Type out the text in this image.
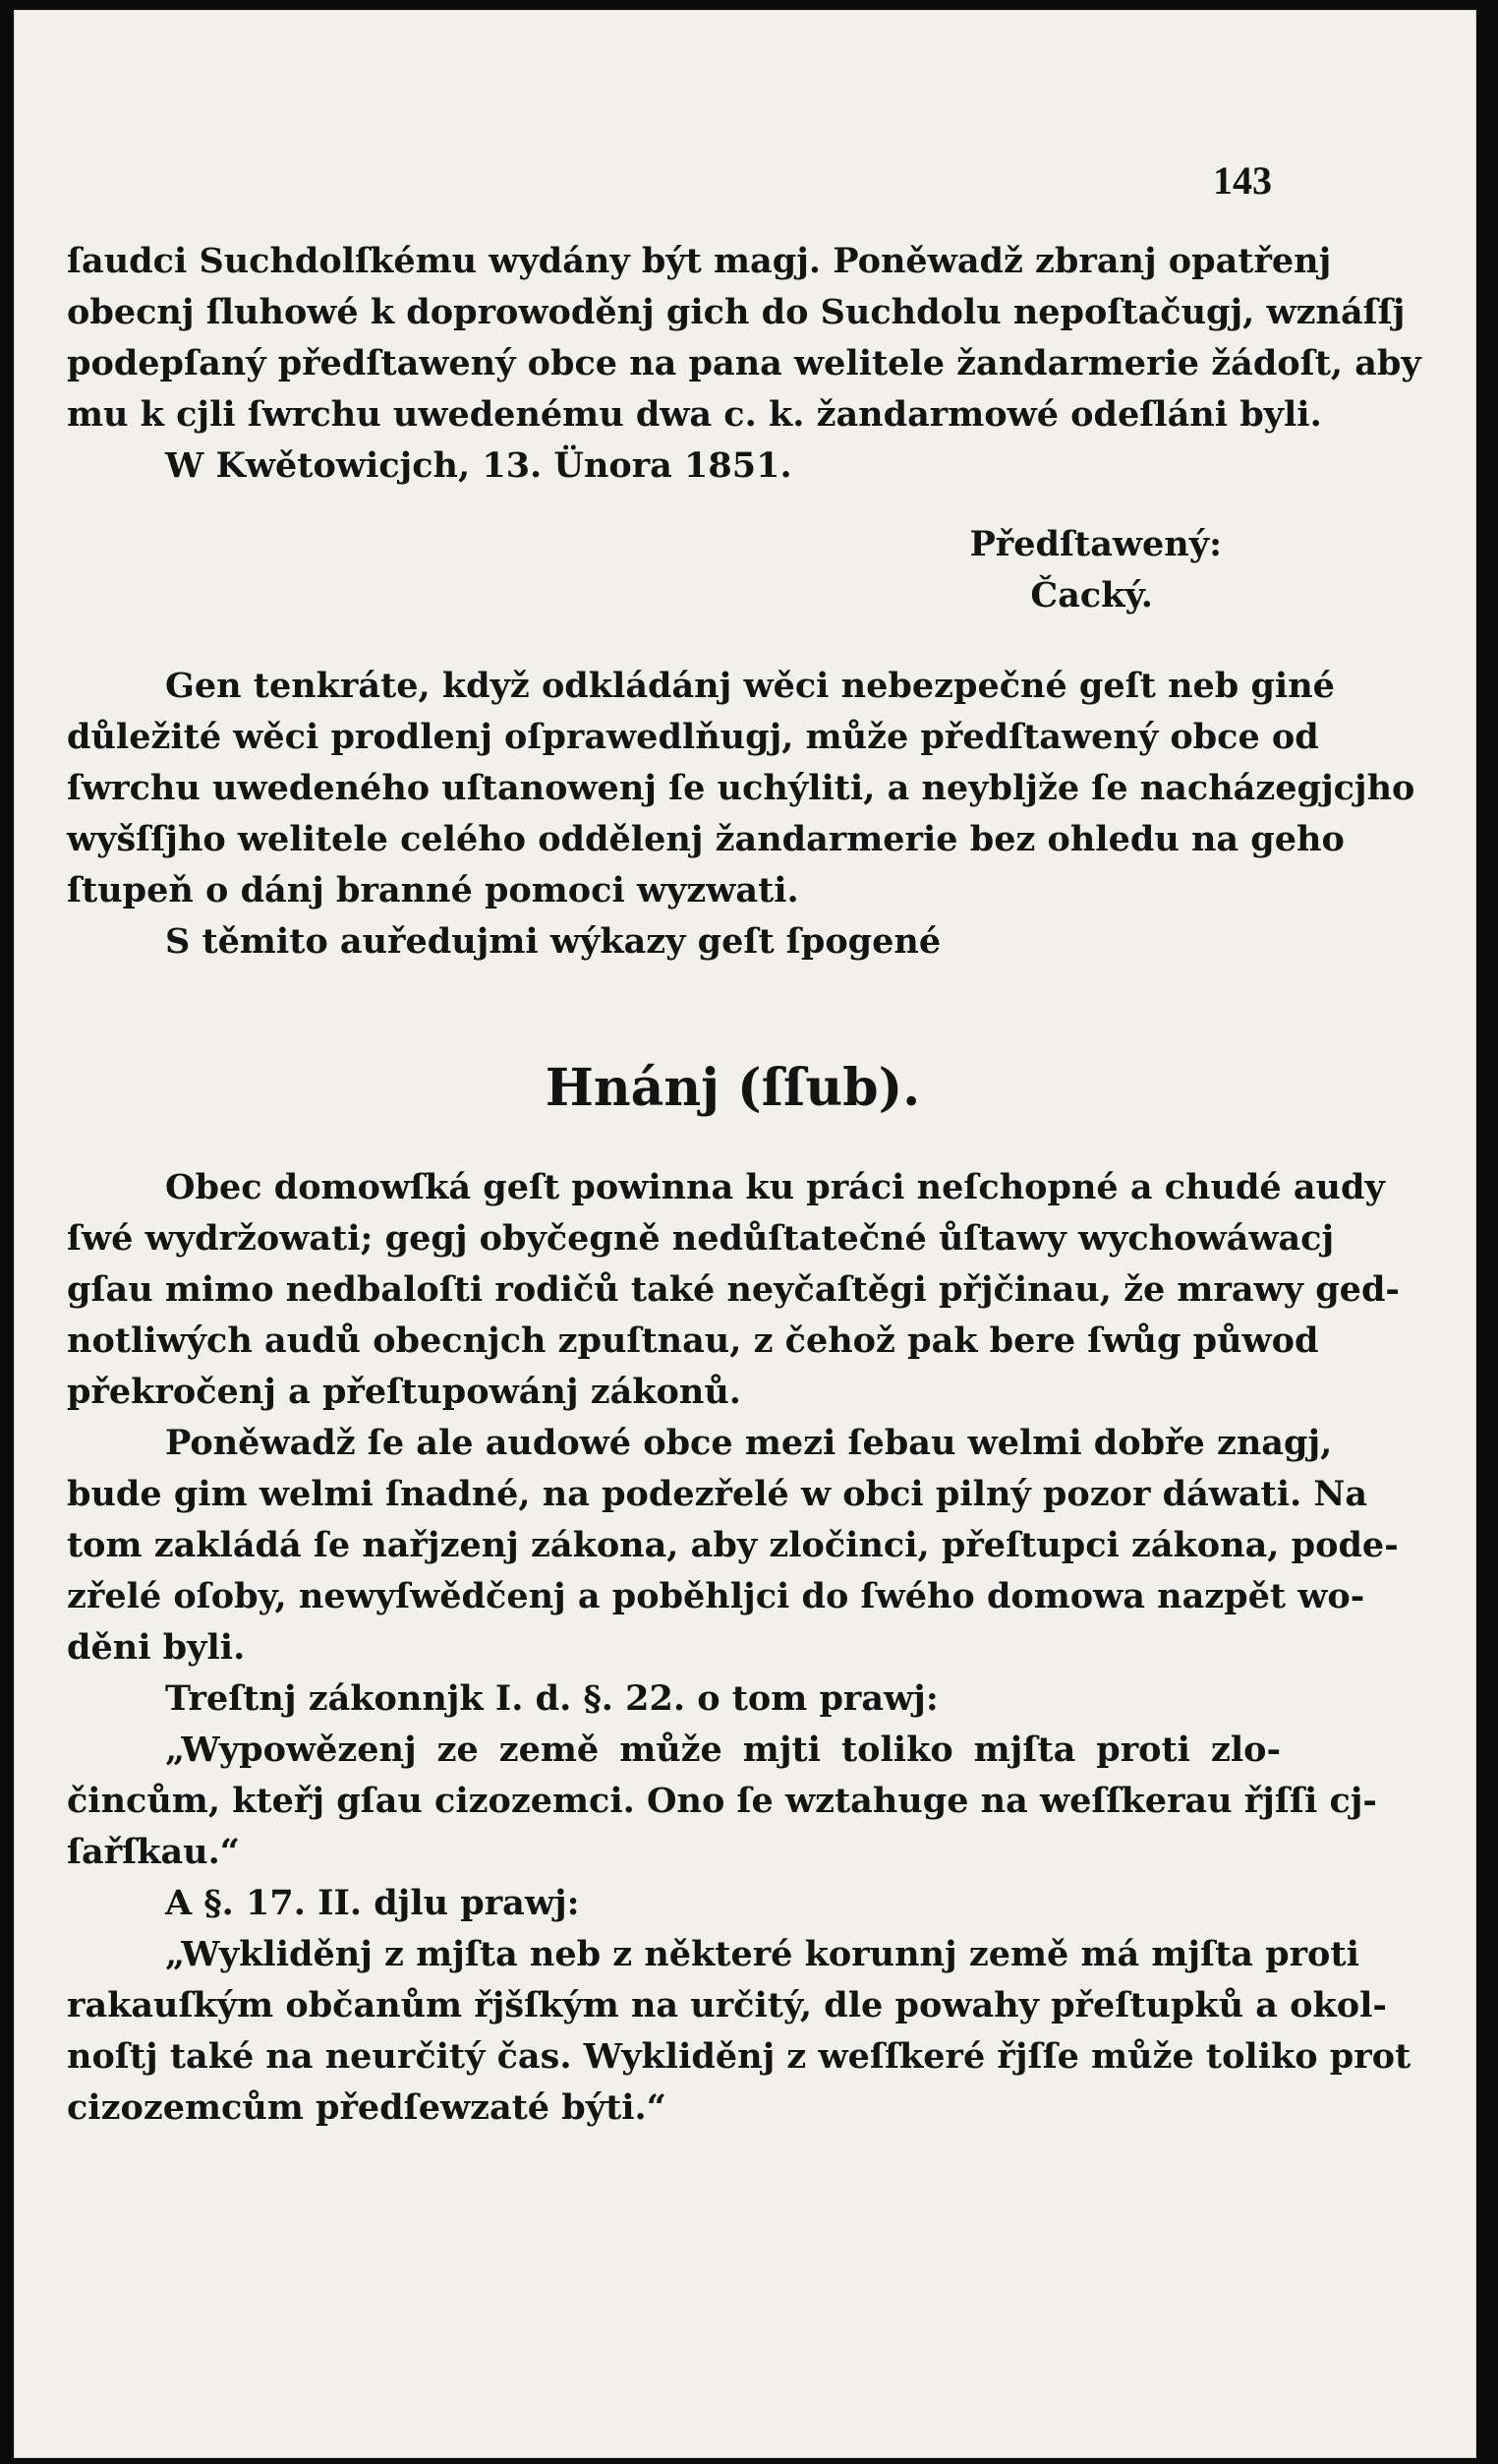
143
ſaudci Suchdolſkému wydány být magj. Poněwadž zbranj opatřenj
obecnj ſluhowé k doprowoděnj gich do Suchdolu nepoſtačugj, wznáſſj
podepſaný předſtawený obce na pana welitele žandarmerie žádoſt, aby
mu k cjli ſwrchu uwedenému dwa c. k. žandarmowé odeſláni byli.
W Kwětowicjch, 13. Ünora 1851.
Předſtawený:
Čacký.
Gen tenkráte, když odkládánj wěci nebezpečné geſt neb giné
důležité wěci prodlenj oſprawedlňugj, může předſtawený obce od
ſwrchu uwedeného uſtanowenj ſe uchýliti, a neybljže ſe nacházegjcjho
wyšſſjho welitele celého oddělenj žandarmerie bez ohledu na geho
ſtupeň o dánj branné pomoci wyzwati.
S těmito auředujmi wýkazy geſt ſpogené
Hnánj (ſſub).
Obec domowſká geſt powinna ku práci neſchopné a chudé audy
ſwé wydržowati; gegj obyčegně nedůſtatečné ůſtawy wychowáwacj
gſau mimo nedbaloſti rodičů také neyčaſtěgi přjčinau, že mrawy ged-
notliwých audů obecnjch zpuſtnau, z čehož pak bere ſwůg půwod
překročenj a přeſtupowánj zákonů.
Poněwadž ſe ale audowé obce mezi ſebau welmi dobře znagj,
bude gim welmi ſnadné, na podezřelé w obci pilný pozor dáwati. Na
tom zakládá ſe nařjzenj zákona, aby zločinci, přeſtupci zákona, pode-
zřelé oſoby, newyſwědčenj a poběhljci do ſwého domowa nazpět wo-
děni byli.
Treſtnj zákonnjk I. d. §. 22. o tom prawj:
„Wypowězenj ze země může mjti toliko mjſta proti zlo-
čincům, kteřj gſau cizozemci. Ono ſe wztahuge na weſſkerau řjſſi cj-
ſařſkau.“
A §. 17. II. djlu prawj:
„Wykliděnj z mjſta neb z některé korunnj země má mjſta proti
rakauſkým občanům řjšſkým na určitý, dle powahy přeſtupků a okol-
noſtj také na neurčitý čas. Wykliděnj z weſſkeré řjſſe může toliko prot
cizozemcům předſewzaté býti.“
